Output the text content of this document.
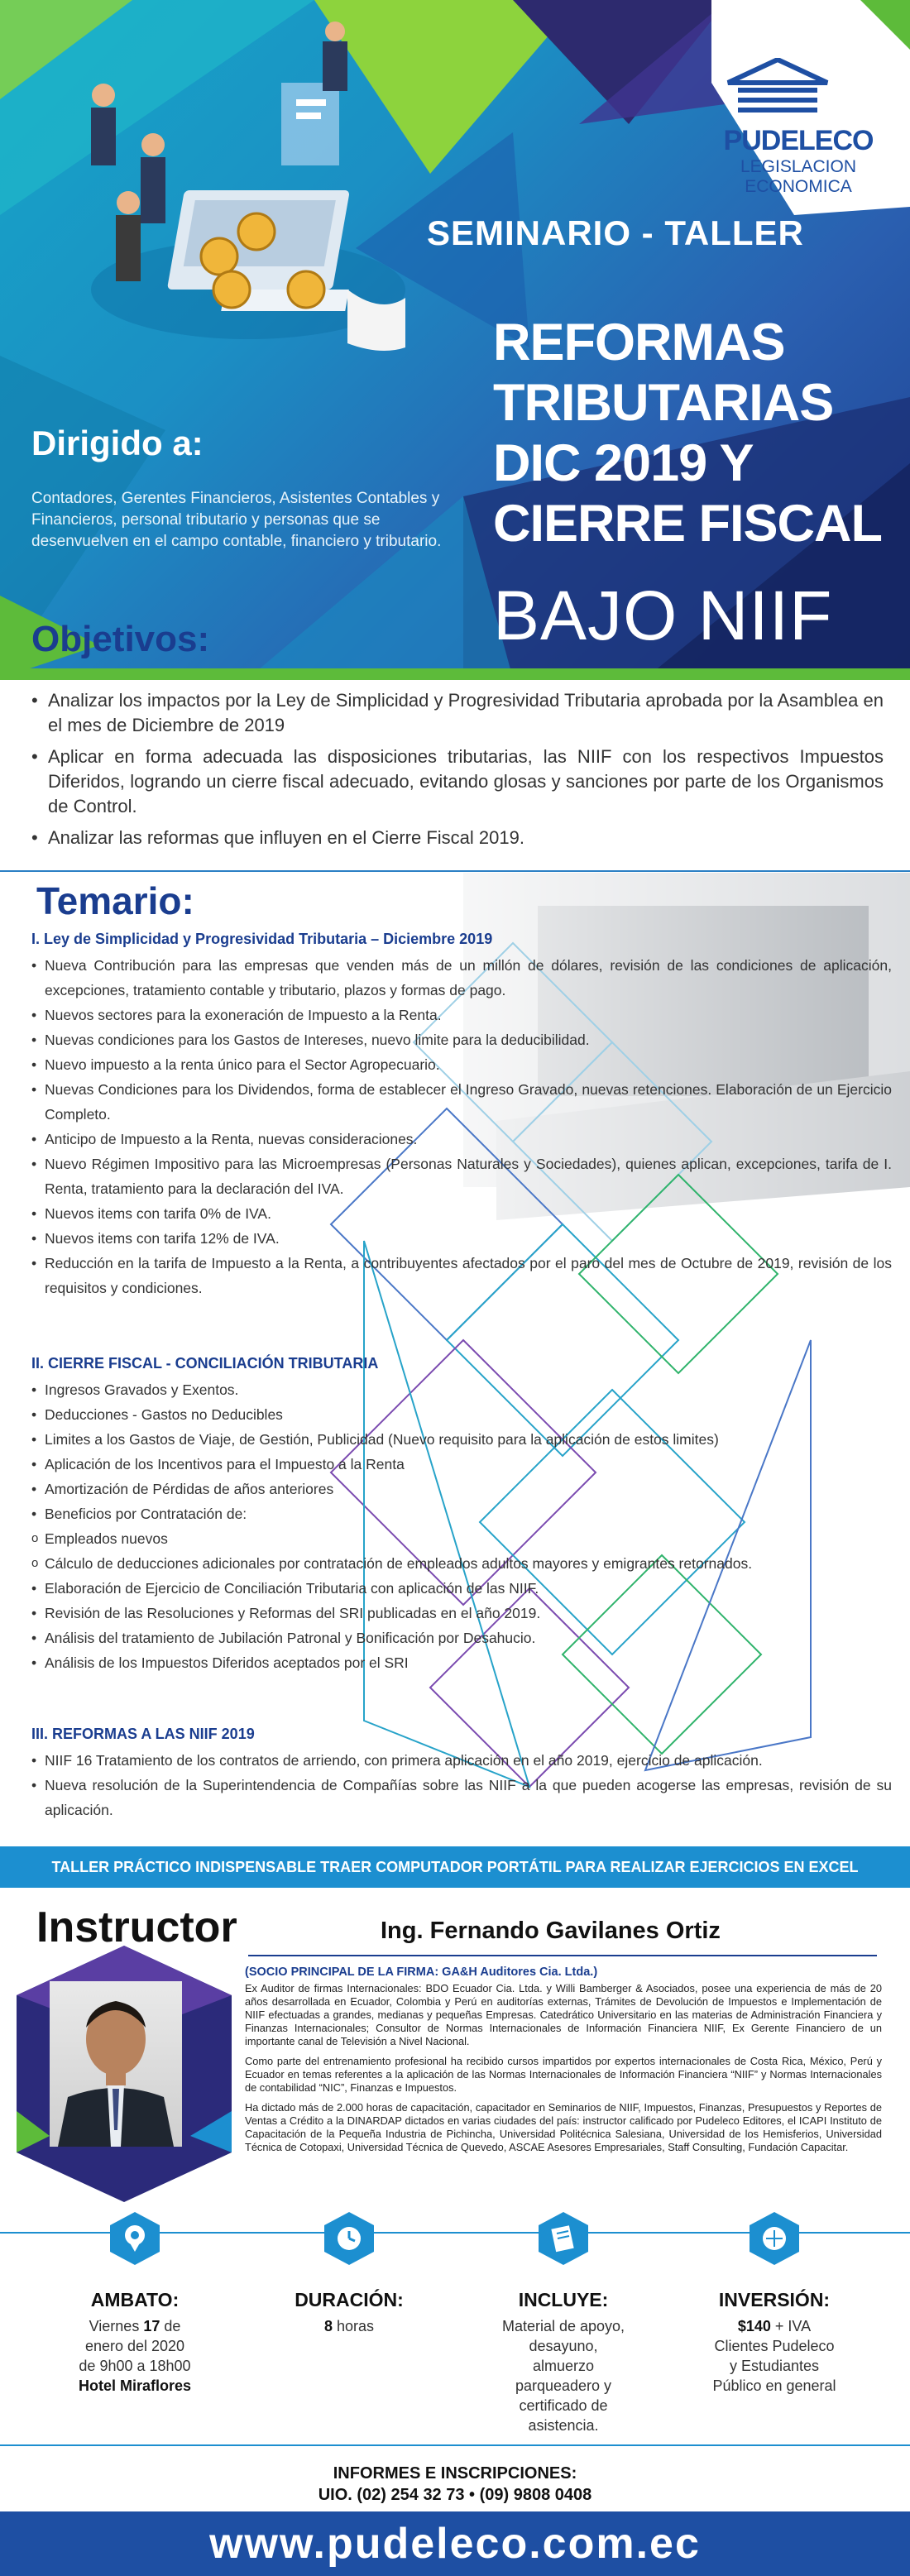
PUDELECO
LEGISLACION
ECONOMICA
SEMINARIO - TALLER
REFORMAS
TRIBUTARIAS
DIC 2019 Y
CIERRE FISCAL
BAJO NIIF
Dirigido a:
Contadores, Gerentes Financieros, Asistentes Contables y Financieros, personal tributario y personas que se desenvuelven en el campo contable, financiero y tributario.
Objetivos:
• Analizar los impactos por la Ley de Simplicidad y Progresividad Tributaria aprobada por la Asamblea en el mes de Diciembre de 2019
• Aplicar en forma adecuada las disposiciones tributarias, las NIIF con los respectivos Impuestos Diferidos, logrando un cierre fiscal adecuado, evitando glosas y sanciones por parte de los Organismos de Control.
• Analizar las reformas que influyen en el Cierre Fiscal 2019.
Temario:
I. Ley de Simplicidad y Progresividad Tributaria – Diciembre 2019
• Nueva Contribución para las empresas que venden más de un millón de dólares, revisión de las condiciones de aplicación, excepciones, tratamiento contable y tributario, plazos y formas de pago.
• Nuevos sectores para la exoneración de Impuesto a la Renta.
• Nuevas condiciones para los Gastos de Intereses, nuevo limite para la deducibilidad.
• Nuevo impuesto a la renta único para el Sector Agropecuario.
• Nuevas Condiciones para los Dividendos, forma de establecer el Ingreso Gravado, nuevas retenciones. Elaboración de un Ejercicio Completo.
• Anticipo de Impuesto a la Renta, nuevas consideraciones.
• Nuevo Régimen Impositivo para las Microempresas (Personas Naturales y Sociedades), quienes aplican, excepciones, tarifa de I. Renta, tratamiento para la declaración del IVA.
• Nuevos items con tarifa 0% de IVA.
• Nuevos items con tarifa 12% de IVA.
• Reducción en la tarifa de Impuesto a la Renta, a contribuyentes afectados por el paro del mes de Octubre de 2019, revisión de los requisitos y condiciones.
II. CIERRE FISCAL - CONCILIACIÓN TRIBUTARIA
• Ingresos Gravados y Exentos.
• Deducciones - Gastos no Deducibles
• Limites a los Gastos de Viaje, de Gestión, Publicidad (Nuevo requisito para la aplicación de estos limites)
• Aplicación de los Incentivos para el Impuesto a la Renta
• Amortización de Pérdidas de años anteriores
• Beneficios por Contratación de:
o Empleados nuevos
o Cálculo de deducciones adicionales por contratación de empleados adultos mayores y emigrantes retornados.
• Elaboración de Ejercicio de Conciliación Tributaria con aplicación de las NIIF.
• Revisión de las Resoluciones y Reformas del SRI publicadas en el año 2019.
• Análisis del tratamiento de Jubilación Patronal y Bonificación por Desahucio.
• Análisis de los Impuestos Diferidos aceptados por el SRI
III. REFORMAS A LAS NIIF 2019
• NIIF 16 Tratamiento de los contratos de arriendo, con primera aplicación en el año 2019, ejercicio de aplicación.
• Nueva resolución de la Superintendencia de Compañías sobre las NIIF a la que pueden acogerse las empresas, revisión de su aplicación.
TALLER PRÁCTICO INDISPENSABLE TRAER COMPUTADOR PORTÁTIL PARA REALIZAR EJERCICIOS EN EXCEL
Instructor	Ing. Fernando Gavilanes Ortiz
(SOCIO PRINCIPAL DE LA FIRMA: GA&H Auditores Cia. Ltda.)

Ex Auditor de firmas Internacionales: BDO Ecuador Cia. Ltda. y Willi Bamberger & Asociados, posee una experiencia de más de 20 años desarrollada en Ecuador, Colombia y Perú en auditorías externas, Trámites de Devolución de Impuestos e Implementación de NIIF efectuadas a grandes, medianas y pequeñas Empresas. Catedrático Universitario en las materias de Administración Financiera y Finanzas Internacionales; Consultor de Normas Internacionales de Información Financiera NIIF, Ex Gerente Financiero de un importante canal de Televisión a Nivel Nacional.

Como parte del entrenamiento profesional ha recibido cursos impartidos por expertos internacionales de Costa Rica, México, Perú y Ecuador en temas referentes a la aplicación de las Normas Internacionales de Información Financiera “NIIF” y Normas Internacionales de contabilidad “NIC”, Finanzas e Impuestos.

Ha dictado más de 2.000 horas de capacitación, capacitador en Seminarios de NIIF, Impuestos, Finanzas, Presupuestos y Reportes de Ventas a Crédito a la DINARDAP dictados en varias ciudades del país: instructor calificado por Pudeleco Editores, el ICAPI Instituto de Capacitación de la Pequeña Industria de Pichincha, Universidad Politécnica Salesiana, Universidad de los Hemisferios, Universidad Técnica de Cotopaxi, Universidad Técnica de Quevedo, ASCAE Asesores Empresariales, Staff Consulting, Fundación Capacitar.

AMBATO:
Viernes 17 de
enero del 2020
de 9h00 a 18h00
Hotel Miraflores
DURACIÓN:
8 horas
INCLUYE:
Material de apoyo,
desayuno,
almuerzo
parqueadero y
certificado de
asistencia.
INVERSIÓN:
$140 + IVA
Clientes Pudeleco
y Estudiantes
Público en general
INFORMES E INSCRIPCIONES:
UIO. (02) 254 32 73 • (09) 9808 0408
www.pudeleco.com.ec
